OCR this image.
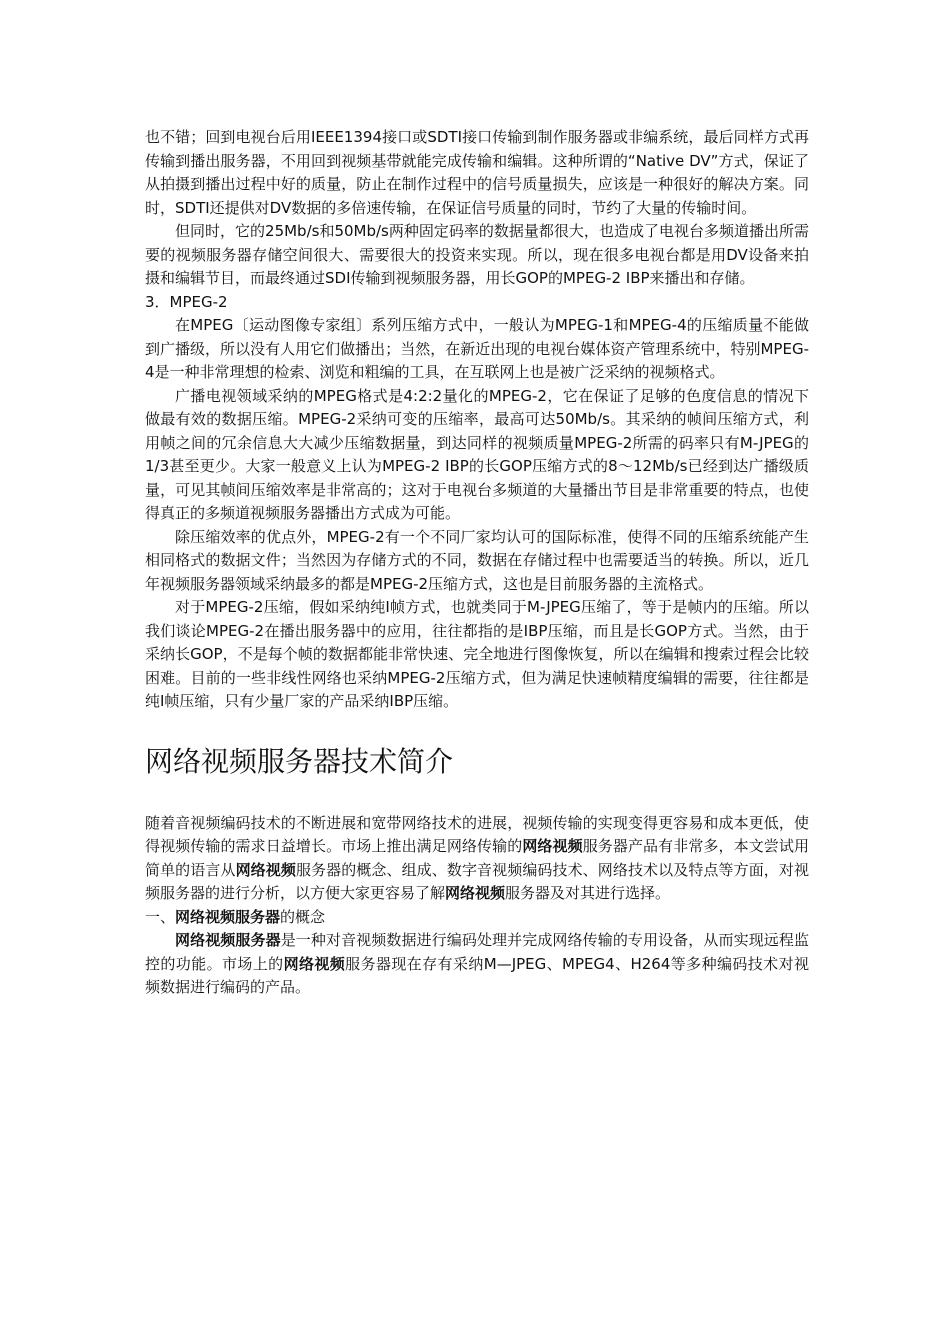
也不错；回到电视台后用IEEE1394接口或SDTI接口传输到制作服务器或非编系统，最后同样方式再传输到播出服务器，不用回到视频基带就能完成传输和编辑。这种所谓的“Native DV”方式，保证了从拍摄到播出过程中好的质量，防止在制作过程中的信号质量损失，应该是一种很好的解决方案。同时，SDTI还提供对DV数据的多倍速传输，在保证信号质量的同时，节约了大量的传输时间。

但同时，它的25Mb/s和50Mb/s两种固定码率的数据量都很大，也造成了电视台多频道播出所需要的视频服务器存储空间很大、需要很大的投资来实现。所以，现在很多电视台都是用DV设备来拍摄和编辑节目，而最终通过SDI传输到视频服务器，用长GOP的MPEG-2 IBP来播出和存储。

3．MPEG-2

在MPEG〔运动图像专家组〕系列压缩方式中，一般认为MPEG-1和MPEG-4的压缩质量不能做到广播级，所以没有人用它们做播出；当然，在新近出现的电视台媒体资产管理系统中，特别MPEG-4是一种非常理想的检索、浏览和粗编的工具，在互联网上也是被广泛采纳的视频格式。

广播电视领域采纳的MPEG格式是4:2:2量化的MPEG-2，它在保证了足够的色度信息的情况下做最有效的数据压缩。MPEG-2采纳可变的压缩率，最高可达50Mb/s。其采纳的帧间压缩方式，利用帧之间的冗余信息大大减少压缩数据量，到达同样的视频质量MPEG-2所需的码率只有M-JPEG的1/3甚至更少。大家一般意义上认为MPEG-2 IBP的长GOP压缩方式的8～12Mb/s已经到达广播级质量，可见其帧间压缩效率是非常高的；这对于电视台多频道的大量播出节目是非常重要的特点，也使得真正的多频道视频服务器播出方式成为可能。

除压缩效率的优点外，MPEG-2有一个不同厂家均认可的国际标准，使得不同的压缩系统能产生相同格式的数据文件；当然因为存储方式的不同，数据在存储过程中也需要适当的转换。所以，近几年视频服务器领域采纳最多的都是MPEG-2压缩方式，这也是目前服务器的主流格式。

对于MPEG-2压缩，假如采纳纯I帧方式，也就类同于M-JPEG压缩了，等于是帧内的压缩。所以我们谈论MPEG-2在播出服务器中的应用，往往都指的是IBP压缩，而且是长GOP方式。当然，由于采纳长GOP，不是每个帧的数据都能非常快速、完全地进行图像恢复，所以在编辑和搜索过程会比较困难。目前的一些非线性网络也采纳MPEG-2压缩方式，但为满足快速帧精度编辑的需要，往往都是纯I帧压缩，只有少量厂家的产品采纳IBP压缩。

网络视频服务器技术简介

随着音视频编码技术的不断进展和宽带网络技术的进展，视频传输的实现变得更容易和成本更低，使得视频传输的需求日益增长。市场上推出满足网络传输的网络视频服务器产品有非常多，本文尝试用简单的语言从网络视频服务器的概念、组成、数字音视频编码技术、网络技术以及特点等方面，对视频服务器的进行分析，以方便大家更容易了解网络视频服务器及对其进行选择。

一、网络视频服务器的概念

网络视频服务器是一种对音视频数据进行编码处理并完成网络传输的专用设备，从而实现远程监控的功能。市场上的网络视频服务器现在存有采纳M—JPEG、MPEG4、H264等多种编码技术对视频数据进行编码的产品。
